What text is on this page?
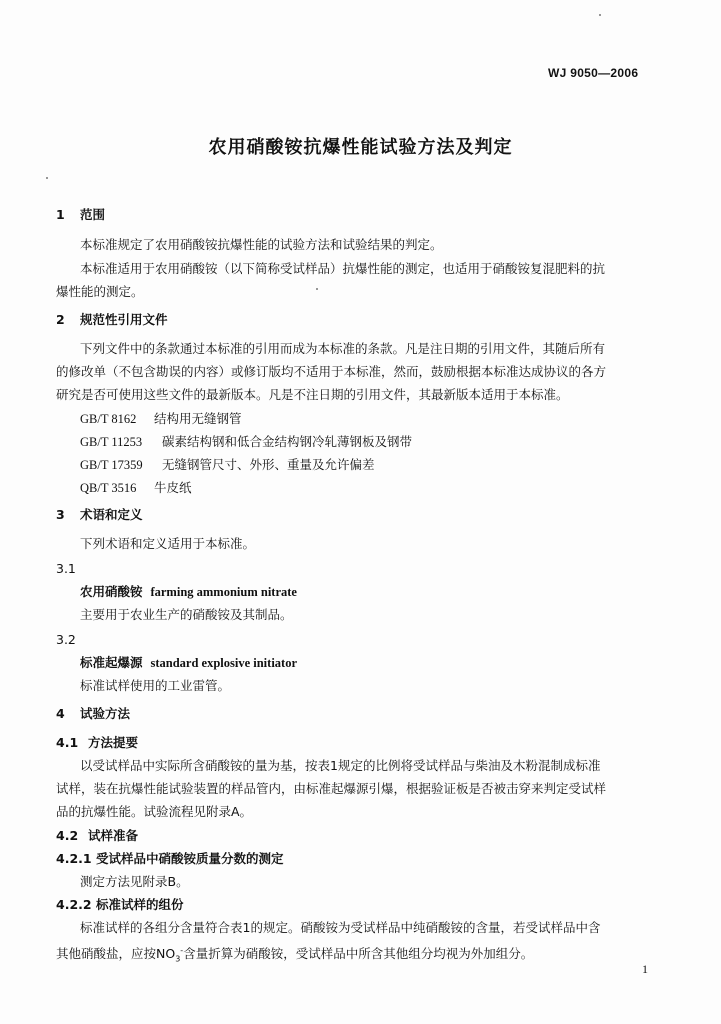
WJ 9050—2006
农用硝酸铵抗爆性能试验方法及判定
1 范围
本标准规定了农用硝酸铵抗爆性能的试验方法和试验结果的判定。
本标准适用于农用硝酸铵（以下简称受试样品）抗爆性能的测定，也适用于硝酸铵复混肥料的抗
爆性能的测定。
2 规范性引用文件
下列文件中的条款通过本标准的引用而成为本标准的条款。凡是注日期的引用文件，其随后所有
的修改单（不包含勘误的内容）或修订版均不适用于本标准，然而，鼓励根据本标准达成协议的各方
研究是否可使用这些文件的最新版本。凡是不注日期的引用文件，其最新版本适用于本标准。
GB/T 8162 结构用无缝钢管
GB/T 11253 碳素结构钢和低合金结构钢冷轧薄钢板及钢带
GB/T 17359 无缝钢管尺寸、外形、重量及允许偏差
QB/T 3516 牛皮纸
3 术语和定义
下列术语和定义适用于本标准。
3.1
农用硝酸铵 farming ammonium nitrate
主要用于农业生产的硝酸铵及其制品。
3.2
标准起爆源 standard explosive initiator
标准试样使用的工业雷管。
4 试验方法
4.1 方法提要
以受试样品中实际所含硝酸铵的量为基，按表1规定的比例将受试样品与柴油及木粉混制成标准
试样，装在抗爆性能试验装置的样品管内，由标准起爆源引爆，根据验证板是否被击穿来判定受试样
品的抗爆性能。试验流程见附录A。
4.2 试样准备
4.2.1 受试样品中硝酸铵质量分数的测定
测定方法见附录B。
4.2.2 标准试样的组份
标准试样的各组分含量符合表1的规定。硝酸铵为受试样品中纯硝酸铵的含量，若受试样品中含
其他硝酸盐，应按$NO_3^-$含量折算为硝酸铵，受试样品中所含其他组分均视为外加组分。
1
